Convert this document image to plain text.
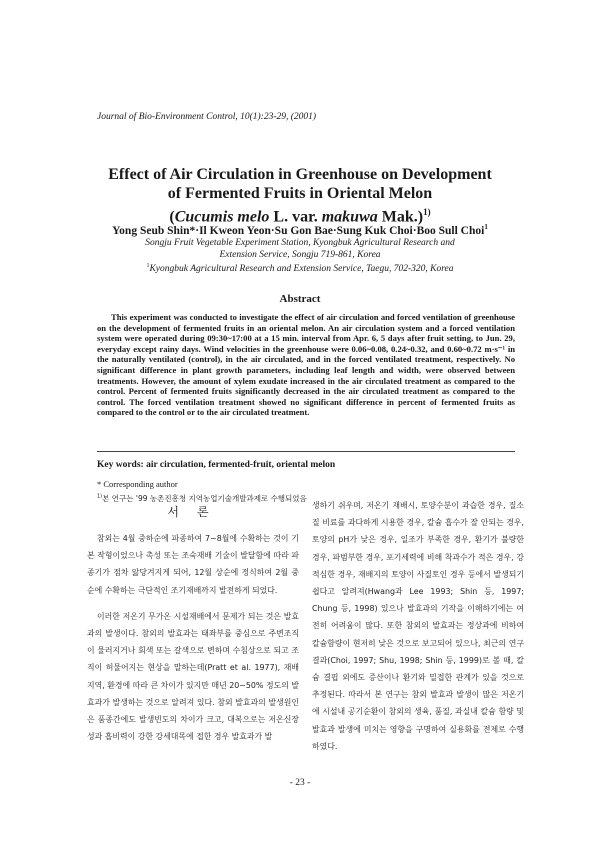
Journal of Bio-Environment Control, 10(1):23-29, (2001)
Effect of Air Circulation in Greenhouse on Development
of Fermented Fruits in Oriental Melon
(Cucumis melo L. var. makuwa Mak.)$^{1)}$
Yong Seub Shin*·Il Kweon Yeon·Su Gon Bae·Sung Kuk Choi·Boo Sull Choi$^1$
Songju Fruit Vegetable Experiment Station, Kyongbuk Agricultural Research and
Extension Service, Songju 719-861, Korea
$^1$Kyongbuk Agricultural Research and Extension Service, Taegu, 702-320, Korea
Abstract
This experiment was conducted to investigate the effect of air circulation and forced ventilation of greenhouse on the development of fermented fruits in an oriental melon. An air circulation system and a forced ventilation system were operated during 09:30~17:00 at a 15 min. interval from Apr. 6, 5 days after fruit setting, to Jun. 29, everyday except rainy days. Wind velocities in the greenhouse were 0.06~0.08, 0.24~0.32, and 0.60~0.72 m·s⁻¹ in the naturally ventilated (control), in the air circulated, and in the forced ventilated treatment, respectively. No significant difference in plant growth parameters, including leaf length and width, were observed between treatments. However, the amount of xylem exudate increased in the air circulated treatment as compared to the control. Percent of fermented fruits significantly decreased in the air circulated treatment as compared to the control. The forced ventilation treatment showed no significant difference in percent of fermented fruits as compared to the control or to the air circulated treatment.
Key words: air circulation, fermented-fruit, oriental melon
* Corresponding author
$^{1)}$본 연구는 '99 농촌진흥청 지역농업기술개발과제로 수행되었음
서론

참외는 4월 중하순에 파종하여 7~8월에 수확하는 것이 기본 작형이었으나 촉성 또는 조숙재배 기술이 발달함에 따라 파종기가 점차 앓당겨지게 되어, 12월 상순에 정식하여 2월 중순에 수확하는 극단적인 조기재배까지 발전하게 되었다.

이러한 저온기 무가온 시설재배에서 문제가 되는 것은 발효과의 발생이다. 참외의 발효과는 태좌부를 중심으로 주변조직이 물러지거나 회색 또는 갈색으로 변하며 수침상으로 되고 조직이 허물어지는 현상을 말하는데(Pratt et al. 1977), 재배지역, 환경에 따라 큰 차이가 있지만 매년 20~50% 정도의 발효과가 발생하는 것으로 알려져 있다. 참외 발효과의 발생원인은 품종간에도 발생빈도의 차이가 크고, 대복으로는 저온신장성과 흡비력이 강한 강세대목에 접한 경우 발효과가 발

생하기 쉬우며, 저온기 재배시, 토양수분이 과습한 경우, 질소질 비료를 과다하게 시용한 경우, 칼슘 흡수가 잘 안되는 경우, 토양의 pH가 낮은 경우, 일조가 부족한 경우, 환기가 불량한 경우, 파범부한 경우, 포기세력에 비해 착과수가 적은 경우, 강적심한 경우, 재배지의 토양이 사질토인 경우 등에서 발생되기 쉽다고 알려져(Hwang과 Lee 1993; Shin 등, 1997; Chung 등, 1998) 있으나 발효과의 기작을 이해하기에는 여전히 어려움이 많다. 또한 참외의 발효과는 정상과에 비하여 칼슘함량이 현저히 낮은 것으로 보고되어 있으나, 최근의 연구결과(Choi, 1997; Shu, 1998; Shin 등, 1999)로 볼 때, 칼슘 결핍 외에도 증산이나 환기와 밀접한 관계가 있을 것으로 추정된다. 따라서 본 연구는 참외 발효과 발생이 많은 저온기에 시설내 공기순환이 참외의 생육, 품질, 과실내 칼슘 함량 및 발효과 발생에 미치는 영향을 구명하여 실용화를 전제로 수행하였다.

- 23 -
